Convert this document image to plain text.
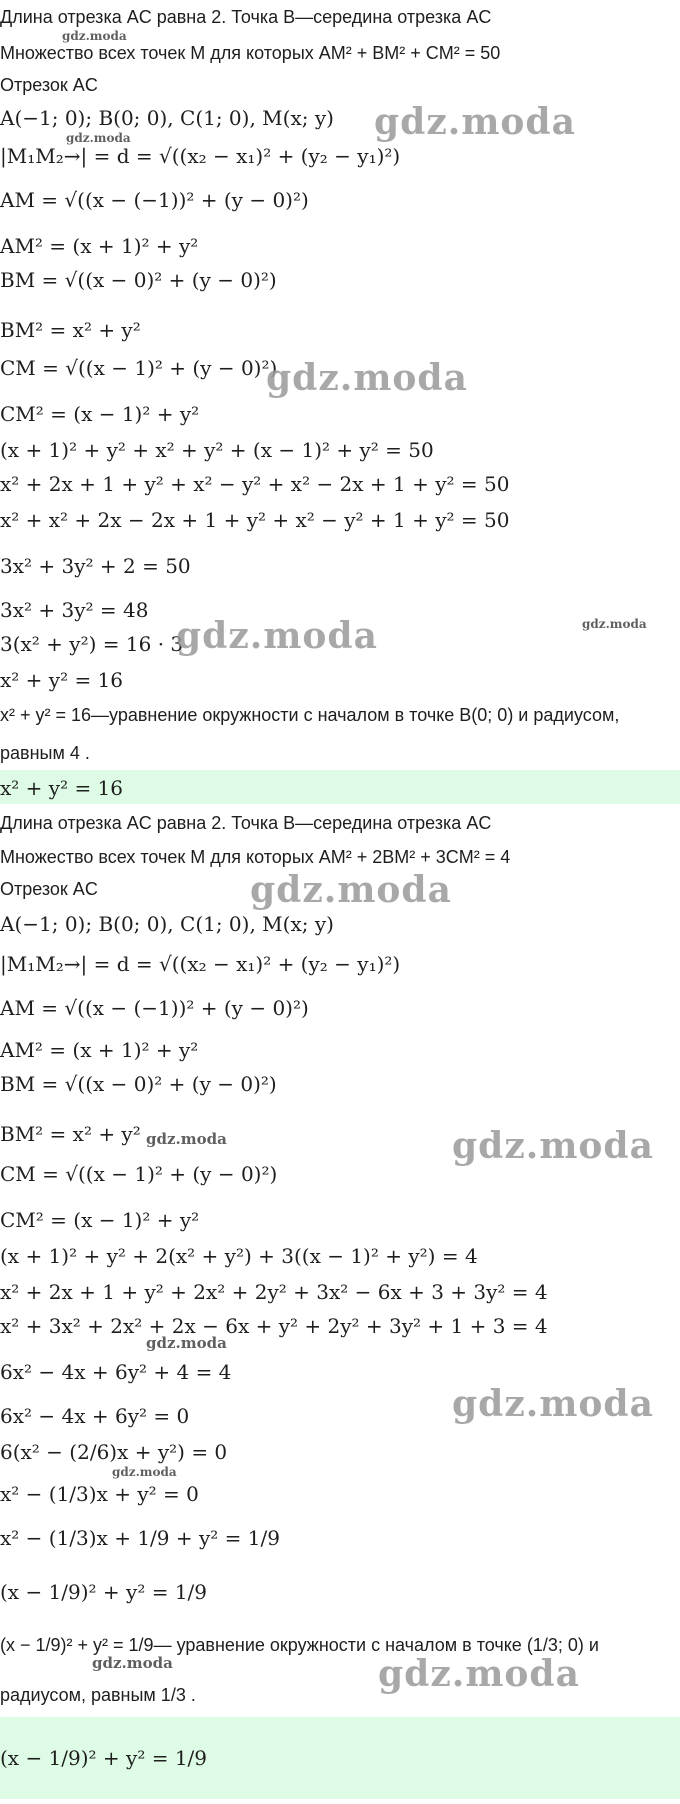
Длина отрезка AC равна 2. Точка B—середина отрезка AC
Множество всех точек M для которых AM² + BM² + CM² = 50
Отрезок AC
A(−1; 0); B(0; 0), C(1; 0), M(x; y)
|M₁M₂→| = d = √((x₂ − x₁)² + (y₂ − y₁)²)
AM = √((x − (−1))² + (y − 0)²)
AM² = (x + 1)² + y²
BM = √((x − 0)² + (y − 0)²)
BM² = x² + y²
CM = √((x − 1)² + (y − 0)²)
CM² = (x − 1)² + y²
(x + 1)² + y² + x² + y² + (x − 1)² + y² = 50
x² + 2x + 1 + y² + x² − y² + x² − 2x + 1 + y² = 50
x² + x² + 2x − 2x + 1 + y² + x² − y² + 1 + y² = 50
3x² + 3y² + 2 = 50
3x² + 3y² = 48
3(x² + y²) = 16 · 3
x² + y² = 16
x² + y² = 16—уравнение окружности с началом в точке B(0; 0) и радиусом,
равным 4 .
x² + y² = 16
Длина отрезка AC равна 2. Точка B—середина отрезка AC
Множество всех точек M для которых AM² + 2BM² + 3CM² = 4
Отрезок AC
A(−1; 0); B(0; 0), C(1; 0), M(x; y)
|M₁M₂→| = d = √((x₂ − x₁)² + (y₂ − y₁)²)
AM = √((x − (−1))² + (y − 0)²)
AM² = (x + 1)² + y²
BM = √((x − 0)² + (y − 0)²)
BM² = x² + y²
CM = √((x − 1)² + (y − 0)²)
CM² = (x − 1)² + y²
(x + 1)² + y² + 2(x² + y²) + 3((x − 1)² + y²) = 4
x² + 2x + 1 + y² + 2x² + 2y² + 3x² − 6x + 3 + 3y² = 4
x² + 3x² + 2x² + 2x − 6x + y² + 2y² + 3y² + 1 + 3 = 4
6x² − 4x + 6y² + 4 = 4
6x² − 4x + 6y² = 0
6(x² − (2/6)x + y²) = 0
x² − (1/3)x + y² = 0
x² − (1/3)x + 1/9 + y² = 1/9
(x − 1/9)² + y² = 1/9
(x − 1/9)² + y² = 1/9— уравнение окружности с началом в точке (1/3; 0) и
радиусом, равным 1/3 .
(x − 1/9)² + y² = 1/9
gdz.moda
gdz.moda
gdz.moda
gdz.moda
gdz.moda
gdz.moda
gdz.moda
gdz.moda
gdz.moda
gdz.moda
gdz.moda
gdz.moda
gdz.moda
gdz.moda
